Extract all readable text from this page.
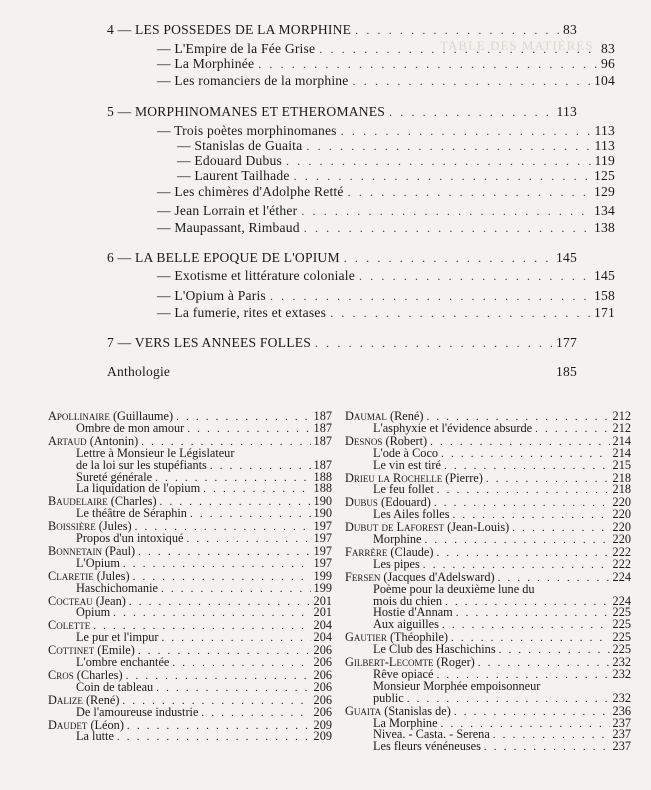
TABLE DES MATIÈRES
4 — LES POSSEDES DE LA MORPHINE . . .	83
— L'Empire de la Fée Grise . . .	83
— La Morphinée . . .	96
— Les romanciers de la morphine . . .	104
5 — MORPHINOMANES ET ETHEROMANES . . .	113
— Trois poètes morphinomanes . . .	113
— Stanislas de Guaita . . .	113
— Edouard Dubus . . .	119
— Laurent Tailhade . . .	125
— Les chimères d'Adolphe Retté . . .	129
— Jean Lorrain et l'éther . . .	134
— Maupassant, Rimbaud . . .	138
6 — LA BELLE EPOQUE DE L'OPIUM . . .	145
— Exotisme et littérature coloniale . . .	145
— L'Opium à Paris . . .	158
— La fumerie, rites et extases . . .	171
7 — VERS LES ANNEES FOLLES . . .	177
Anthologie	185
Apollinaire (Guillaume) . . .	187
Ombre de mon amour . . .	187
Artaud (Antonin) . . .	187
Lettre à Monsieur le Législateur
de la loi sur les stupéfiants . . .	187
Sureté générale . . .	188
La liquidation de l'opium . . .	188
Baudelaire (Charles) . . .	190
Le théâtre de Séraphin . . .	190
Boissière (Jules) . . .	197
Propos d'un intoxiqué . . .	197
Bonnetain (Paul) . . .	197
L'Opium . . .	197
Claretie (Jules) . . .	199
Haschichomanie . . .	199
Cocteau (Jean) . . .	201
Opium . . .	201
Colette . . .	204
Le pur et l'impur . . .	204
Cottinet (Emile) . . .	206
L'ombre enchantée . . .	206
Cros (Charles) . . .	206
Coin de tableau . . .	206
Dalize (René) . . .	206
De l'amoureuse industrie . . .	206
Daudet (Léon) . . .	209
La lutte . . .	209
Daumal (René) . . .	212
L'asphyxie et l'évidence absurde . . .	212
Desnos (Robert) . . .	214
L'ode à Coco . . .	214
Le vin est tiré . . .	215
Drieu la Rochelle (Pierre) . . .	218
Le feu follet . . .	218
Dubus (Edouard) . . .	220
Les Ailes folles . . .	220
Dubut de Laforest (Jean-Louis) . . .	220
Morphine . . .	220
Farrère (Claude) . . .	222
Les pipes . . .	222
Fersen (Jacques d'Adelsward) . . .	224
Poème pour la deuxième lune du
mois du chien . . .	224
Hostie d'Annam . . .	225
Aux aiguilles . . .	225
Gautier (Théophile) . . .	225
Le Club des Haschichins . . .	225
Gilbert-Lecomte (Roger) . . .	232
Rêve opiacé . . .	232
Monsieur Morphée empoisonneur
public . . .	232
Guaita (Stanislas de) . . .	236
La Morphine . . .	237
Nivea. - Casta. - Serena . . .	237
Les fleurs vénéneuses . . .	237
